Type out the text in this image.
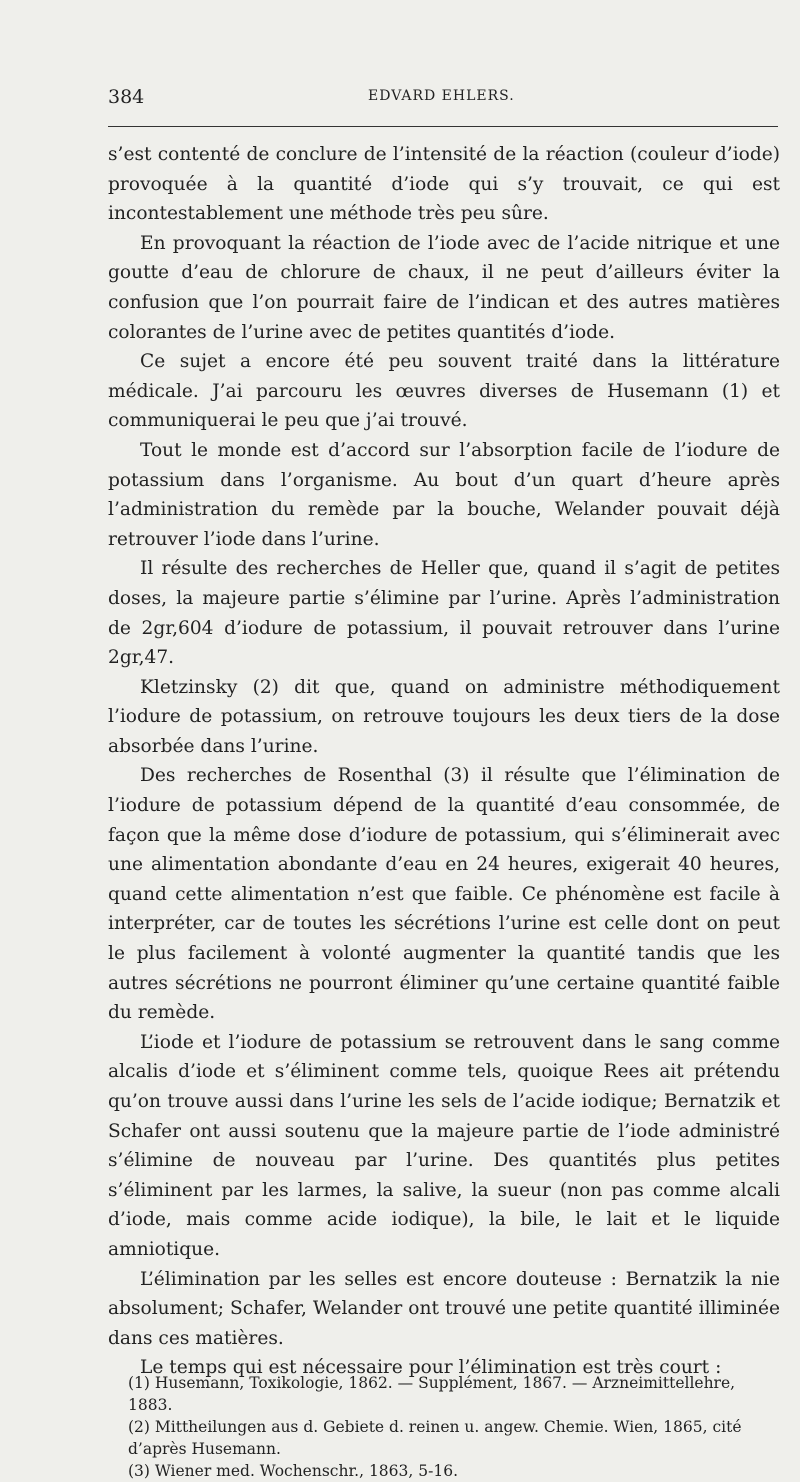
384	EDVARD EHLERS.

s’est contenté de conclure de l’intensité de la réaction (couleur d’iode) provoquée à la quantité d’iode qui s’y trouvait, ce qui est incontestablement une méthode très peu sûre.

En provoquant la réaction de l’iode avec de l’acide nitrique et une goutte d’eau de chlorure de chaux, il ne peut d’ailleurs éviter la confusion que l’on pourrait faire de l’indican et des autres matières colorantes de l’urine avec de petites quantités d’iode.

Ce sujet a encore été peu souvent traité dans la littérature médicale. J’ai parcouru les œuvres diverses de Husemann (1) et communiquerai le peu que j’ai trouvé.

Tout le monde est d’accord sur l’absorption facile de l’iodure de potassium dans l’organisme. Au bout d’un quart d’heure après l’administration du remède par la bouche, Welander pouvait déjà retrouver l’iode dans l’urine.

Il résulte des recherches de Heller que, quand il s’agit de petites doses, la majeure partie s’élimine par l’urine. Après l’administration de 2gr,604 d’iodure de potassium, il pouvait retrouver dans l’urine 2gr,47.

Kletzinsky (2) dit que, quand on administre méthodiquement l’iodure de potassium, on retrouve toujours les deux tiers de la dose absorbée dans l’urine.

Des recherches de Rosenthal (3) il résulte que l’élimination de l’iodure de potassium dépend de la quantité d’eau consommée, de façon que la même dose d’iodure de potassium, qui s’éliminerait avec une alimentation abondante d’eau en 24 heures, exigerait 40 heures, quand cette alimentation n’est que faible. Ce phénomène est facile à interpréter, car de toutes les sécrétions l’urine est celle dont on peut le plus facilement à volonté augmenter la quantité tandis que les autres sécrétions ne pourront éliminer qu’une certaine quantité faible du remède.

L’iode et l’iodure de potassium se retrouvent dans le sang comme alcalis d’iode et s’éliminent comme tels, quoique Rees ait prétendu qu’on trouve aussi dans l’urine les sels de l’acide iodique; Bernatzik et Schafer ont aussi soutenu que la majeure partie de l’iode administré s’élimine de nouveau par l’urine. Des quantités plus petites s’éliminent par les larmes, la salive, la sueur (non pas comme alcali d’iode, mais comme acide iodique), la bile, le lait et le liquide amniotique.

L’élimination par les selles est encore douteuse : Bernatzik la nie absolument; Schafer, Welander ont trouvé une petite quantité illiminée dans ces matières.

Le temps qui est nécessaire pour l’élimination est très court :

(1) Husemann, Toxikologie, 1862. — Supplément, 1867. — Arzneimittellehre, 1883.

(2) Mittheilungen aus d. Gebiete d. reinen u. angew. Chemie. Wien, 1865, cité d’après Husemann.

(3) Wiener med. Wochenschr., 1863, 5-16.
